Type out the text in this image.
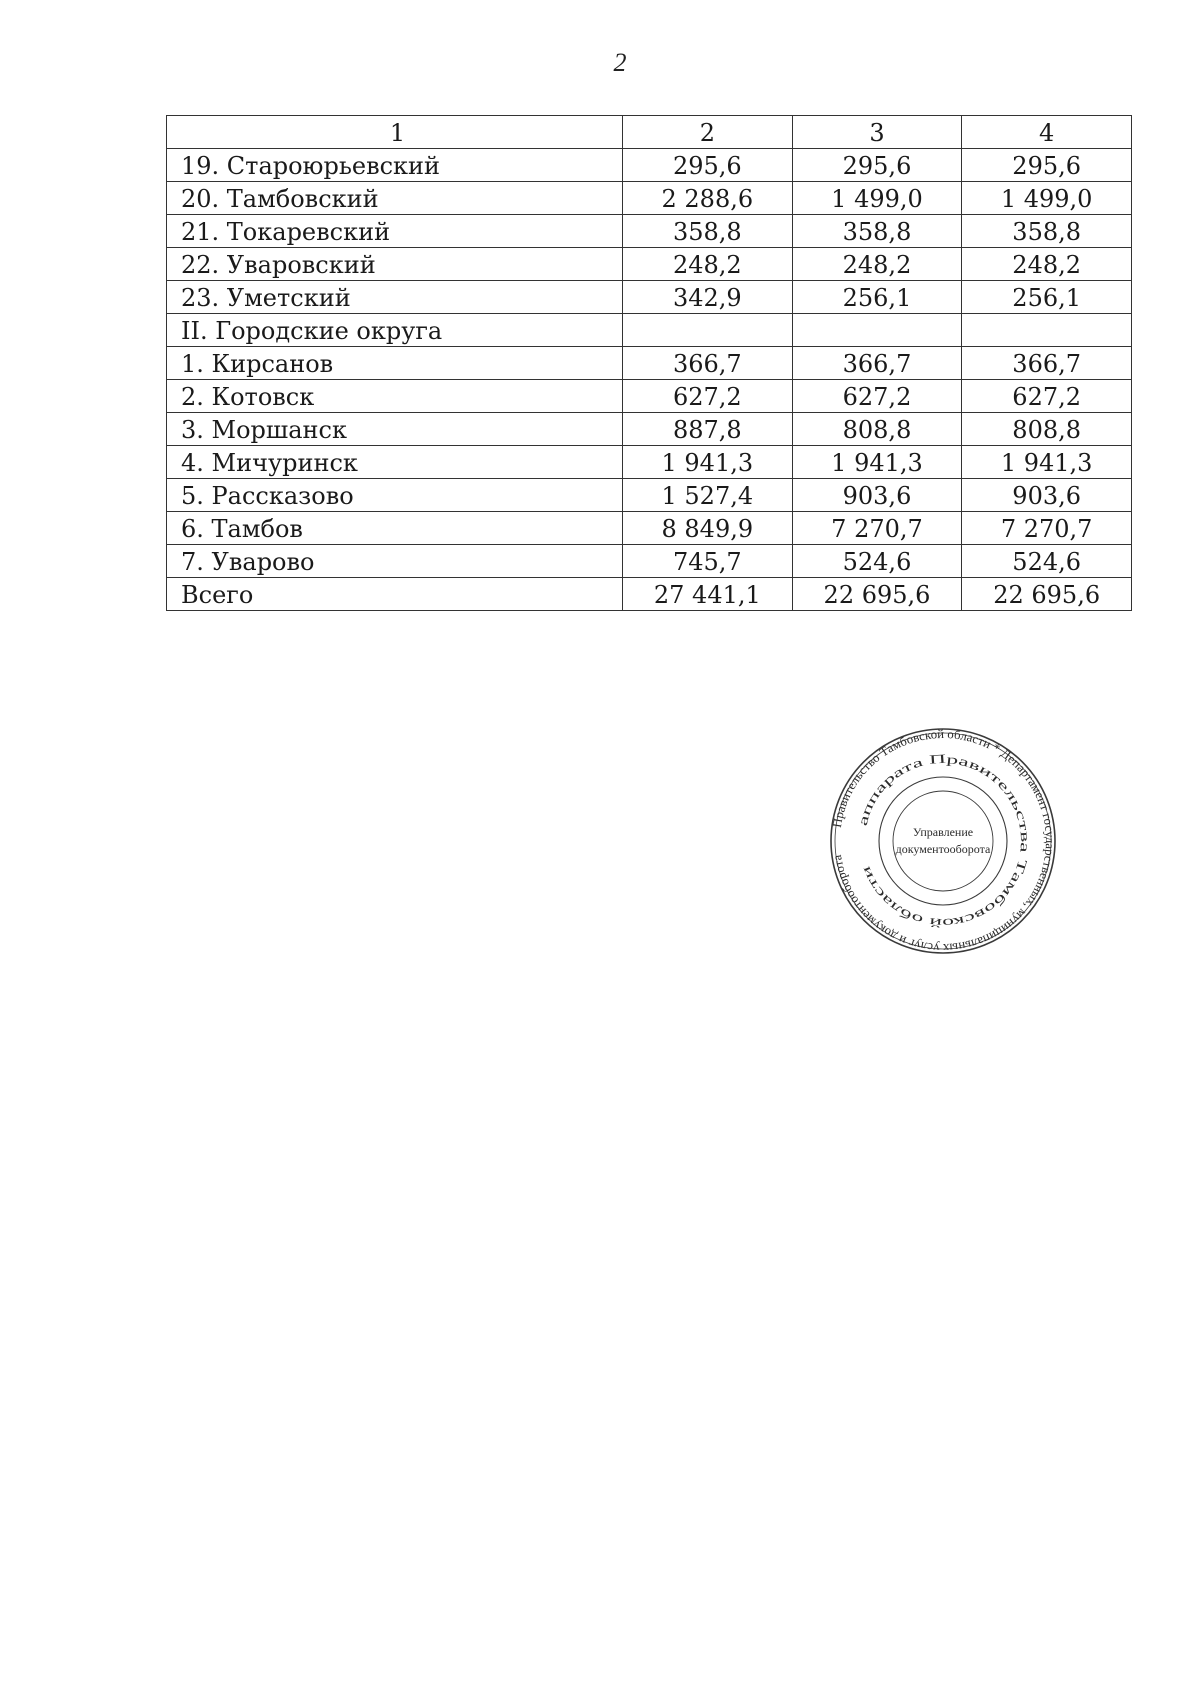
2
1	2	3	4
19. Староюрьевский	295,6	295,6	295,6
20. Тамбовский	2 288,6	1 499,0	1 499,0
21. Токаревский	358,8	358,8	358,8
22. Уваровский	248,2	248,2	248,2
23. Уметский	342,9	256,1	256,1
II. Городские округа			
1. Кирсанов	366,7	366,7	366,7
2. Котовск	627,2	627,2	627,2
3. Моршанск	887,8	808,8	808,8
4. Мичуринск	1 941,3	1 941,3	1 941,3
5. Рассказово	1 527,4	903,6	903,6
6. Тамбов	8 849,9	7 270,7	7 270,7
7. Уварово	745,7	524,6	524,6
Всего	27 441,1	22 695,6	22 695,6
Правительство Тамбовской области * Департамент государственных, муниципальных услуг и документооборота
аппарата Правительства Тамбовской области
Управление
документооборота
